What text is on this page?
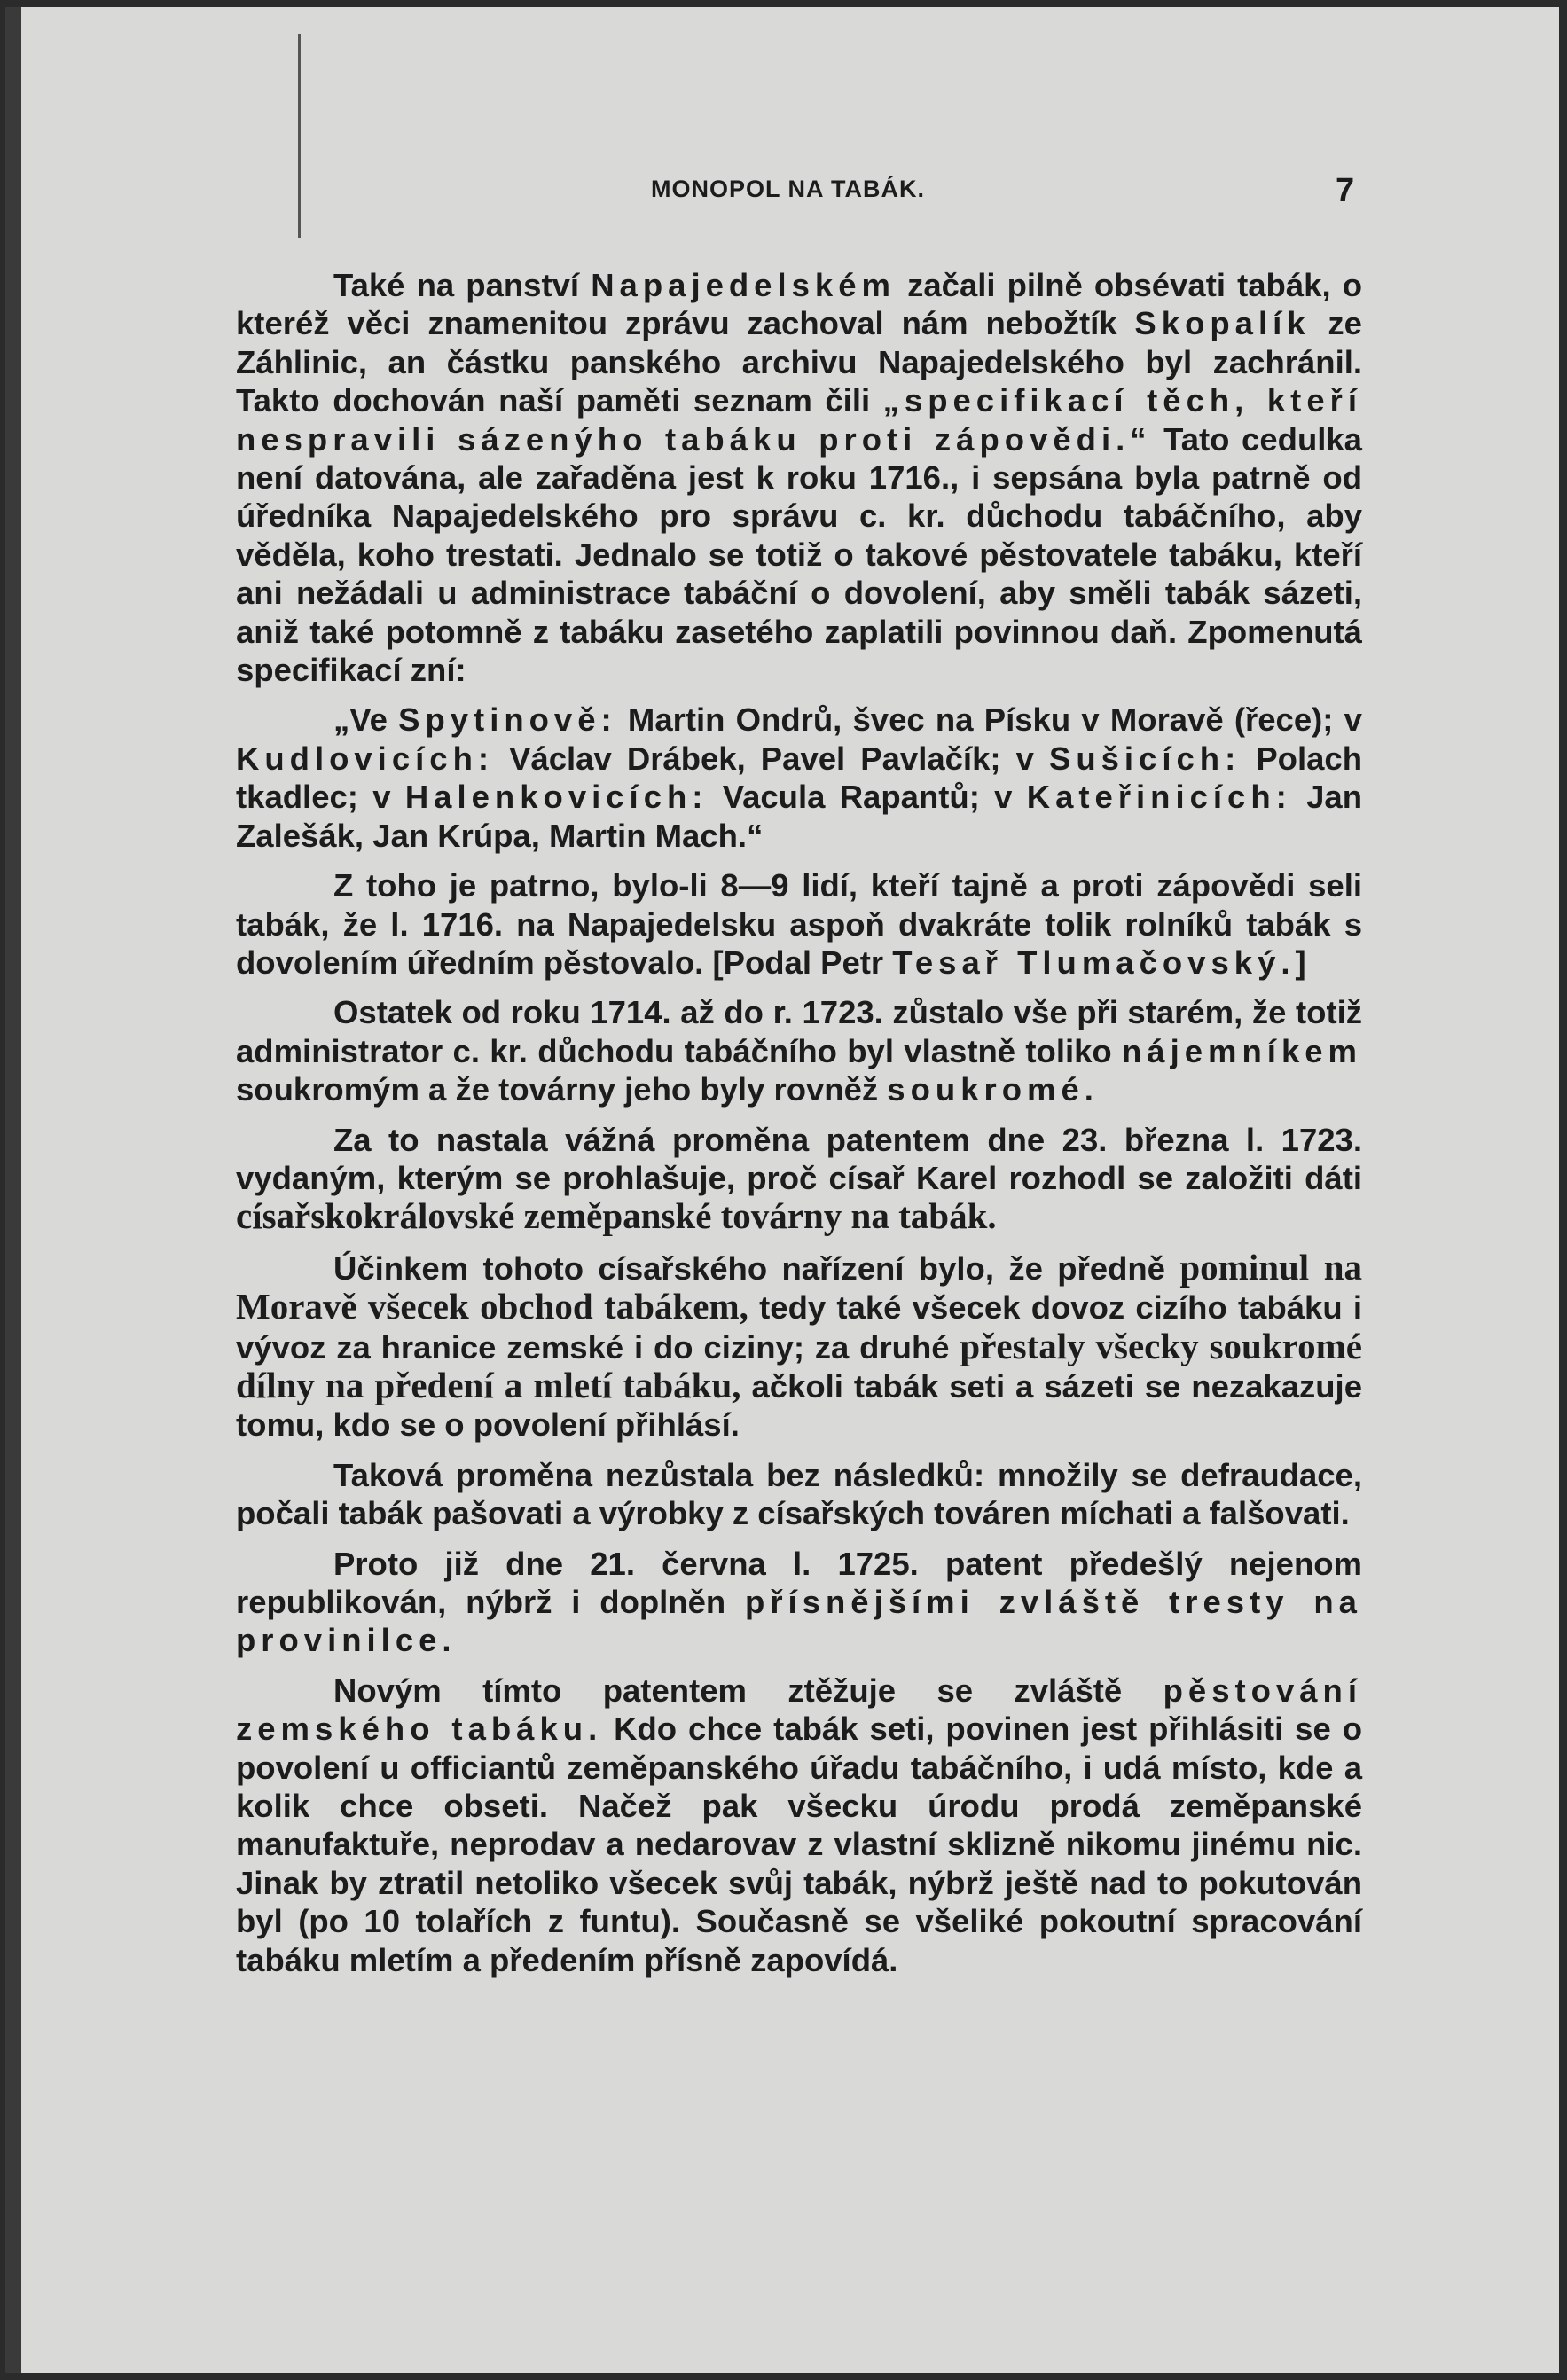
MONOPOL NA TABÁK.	7

Také na panství Napajedelském začali pilně obsévati tabák, o kteréž věci znamenitou zprávu zachoval nám nebožtík Skopalík ze Záhlinic, an částku panského archivu Napajedelského byl zachránil. Takto dochován naší paměti seznam čili „specifikací těch, kteří nespravili sázenýho tabáku proti zápovědi.“ Tato cedulka není datována, ale zařaděna jest k roku 1716., i sepsána byla patrně od úředníka Napajedelského pro správu c. kr. důchodu tabáčního, aby věděla, koho trestati. Jednalo se totiž o takové pěstovatele tabáku, kteří ani nežádali u administrace tabáční o dovolení, aby směli tabák sázeti, aniž také potomně z tabáku zasetého zaplatili povinnou daň. Zpomenutá specifikací zní:

„Ve Spytinově: Martin Ondrů, švec na Písku v Moravě (řece); v Kudlovicích: Václav Drábek, Pavel Pavlačík; v Sušicích: Polach tkadlec; v Halenkovicích: Vacula Rapantů; v Kateřinicích: Jan Zalešák, Jan Krúpa, Martin Mach.“

Z toho je patrno, bylo-li 8—9 lidí, kteří tajně a proti zápovědi seli tabák, že l. 1716. na Napajedelsku aspoň dvakráte tolik rolníků tabák s dovolením úředním pěstovalo. [Podal Petr Tesař Tlumačovský.]

Ostatek od roku 1714. až do r. 1723. zůstalo vše při starém, že totiž administrator c. kr. důchodu tabáčního byl vlastně toliko nájemníkem soukromým a že továrny jeho byly rovněž soukromé.

Za to nastala vážná proměna patentem dne 23. března l. 1723. vydaným, kterým se prohlašuje, proč císař Karel rozhodl se založiti dáti císařskokrálovské zeměpanské továrny na tabák.

Účinkem tohoto císařského nařízení bylo, že předně pominul na Moravě všecek obchod tabákem, tedy také všecek dovoz cizího tabáku i vývoz za hranice zemské i do ciziny; za druhé přestaly všecky soukromé dílny na předení a mletí tabáku, ačkoli tabák seti a sázeti se nezakazuje tomu, kdo se o povolení přihlásí.

Taková proměna nezůstala bez následků: množily se defraudace, počali tabák pašovati a výrobky z císařských továren míchati a falšovati.

Proto již dne 21. června l. 1725. patent předešlý nejenom republikován, nýbrž i doplněn přísnějšími zvláště tresty na provinilce.

Novým tímto patentem ztěžuje se zvláště pěstování zemského tabáku. Kdo chce tabák seti, povinen jest přihlásiti se o povolení u officiantů zeměpanského úřadu tabáčního, i udá místo, kde a kolik chce obseti. Načež pak všecku úrodu prodá zeměpanské manufaktuře, neprodav a nedarovav z vlastní sklizně nikomu jinému nic. Jinak by ztratil netoliko všecek svůj tabák, nýbrž ještě nad to pokutován byl (po 10 tolařích z funtu). Současně se všeliké pokoutní spracování tabáku mletím a předením přísně zapovídá.
